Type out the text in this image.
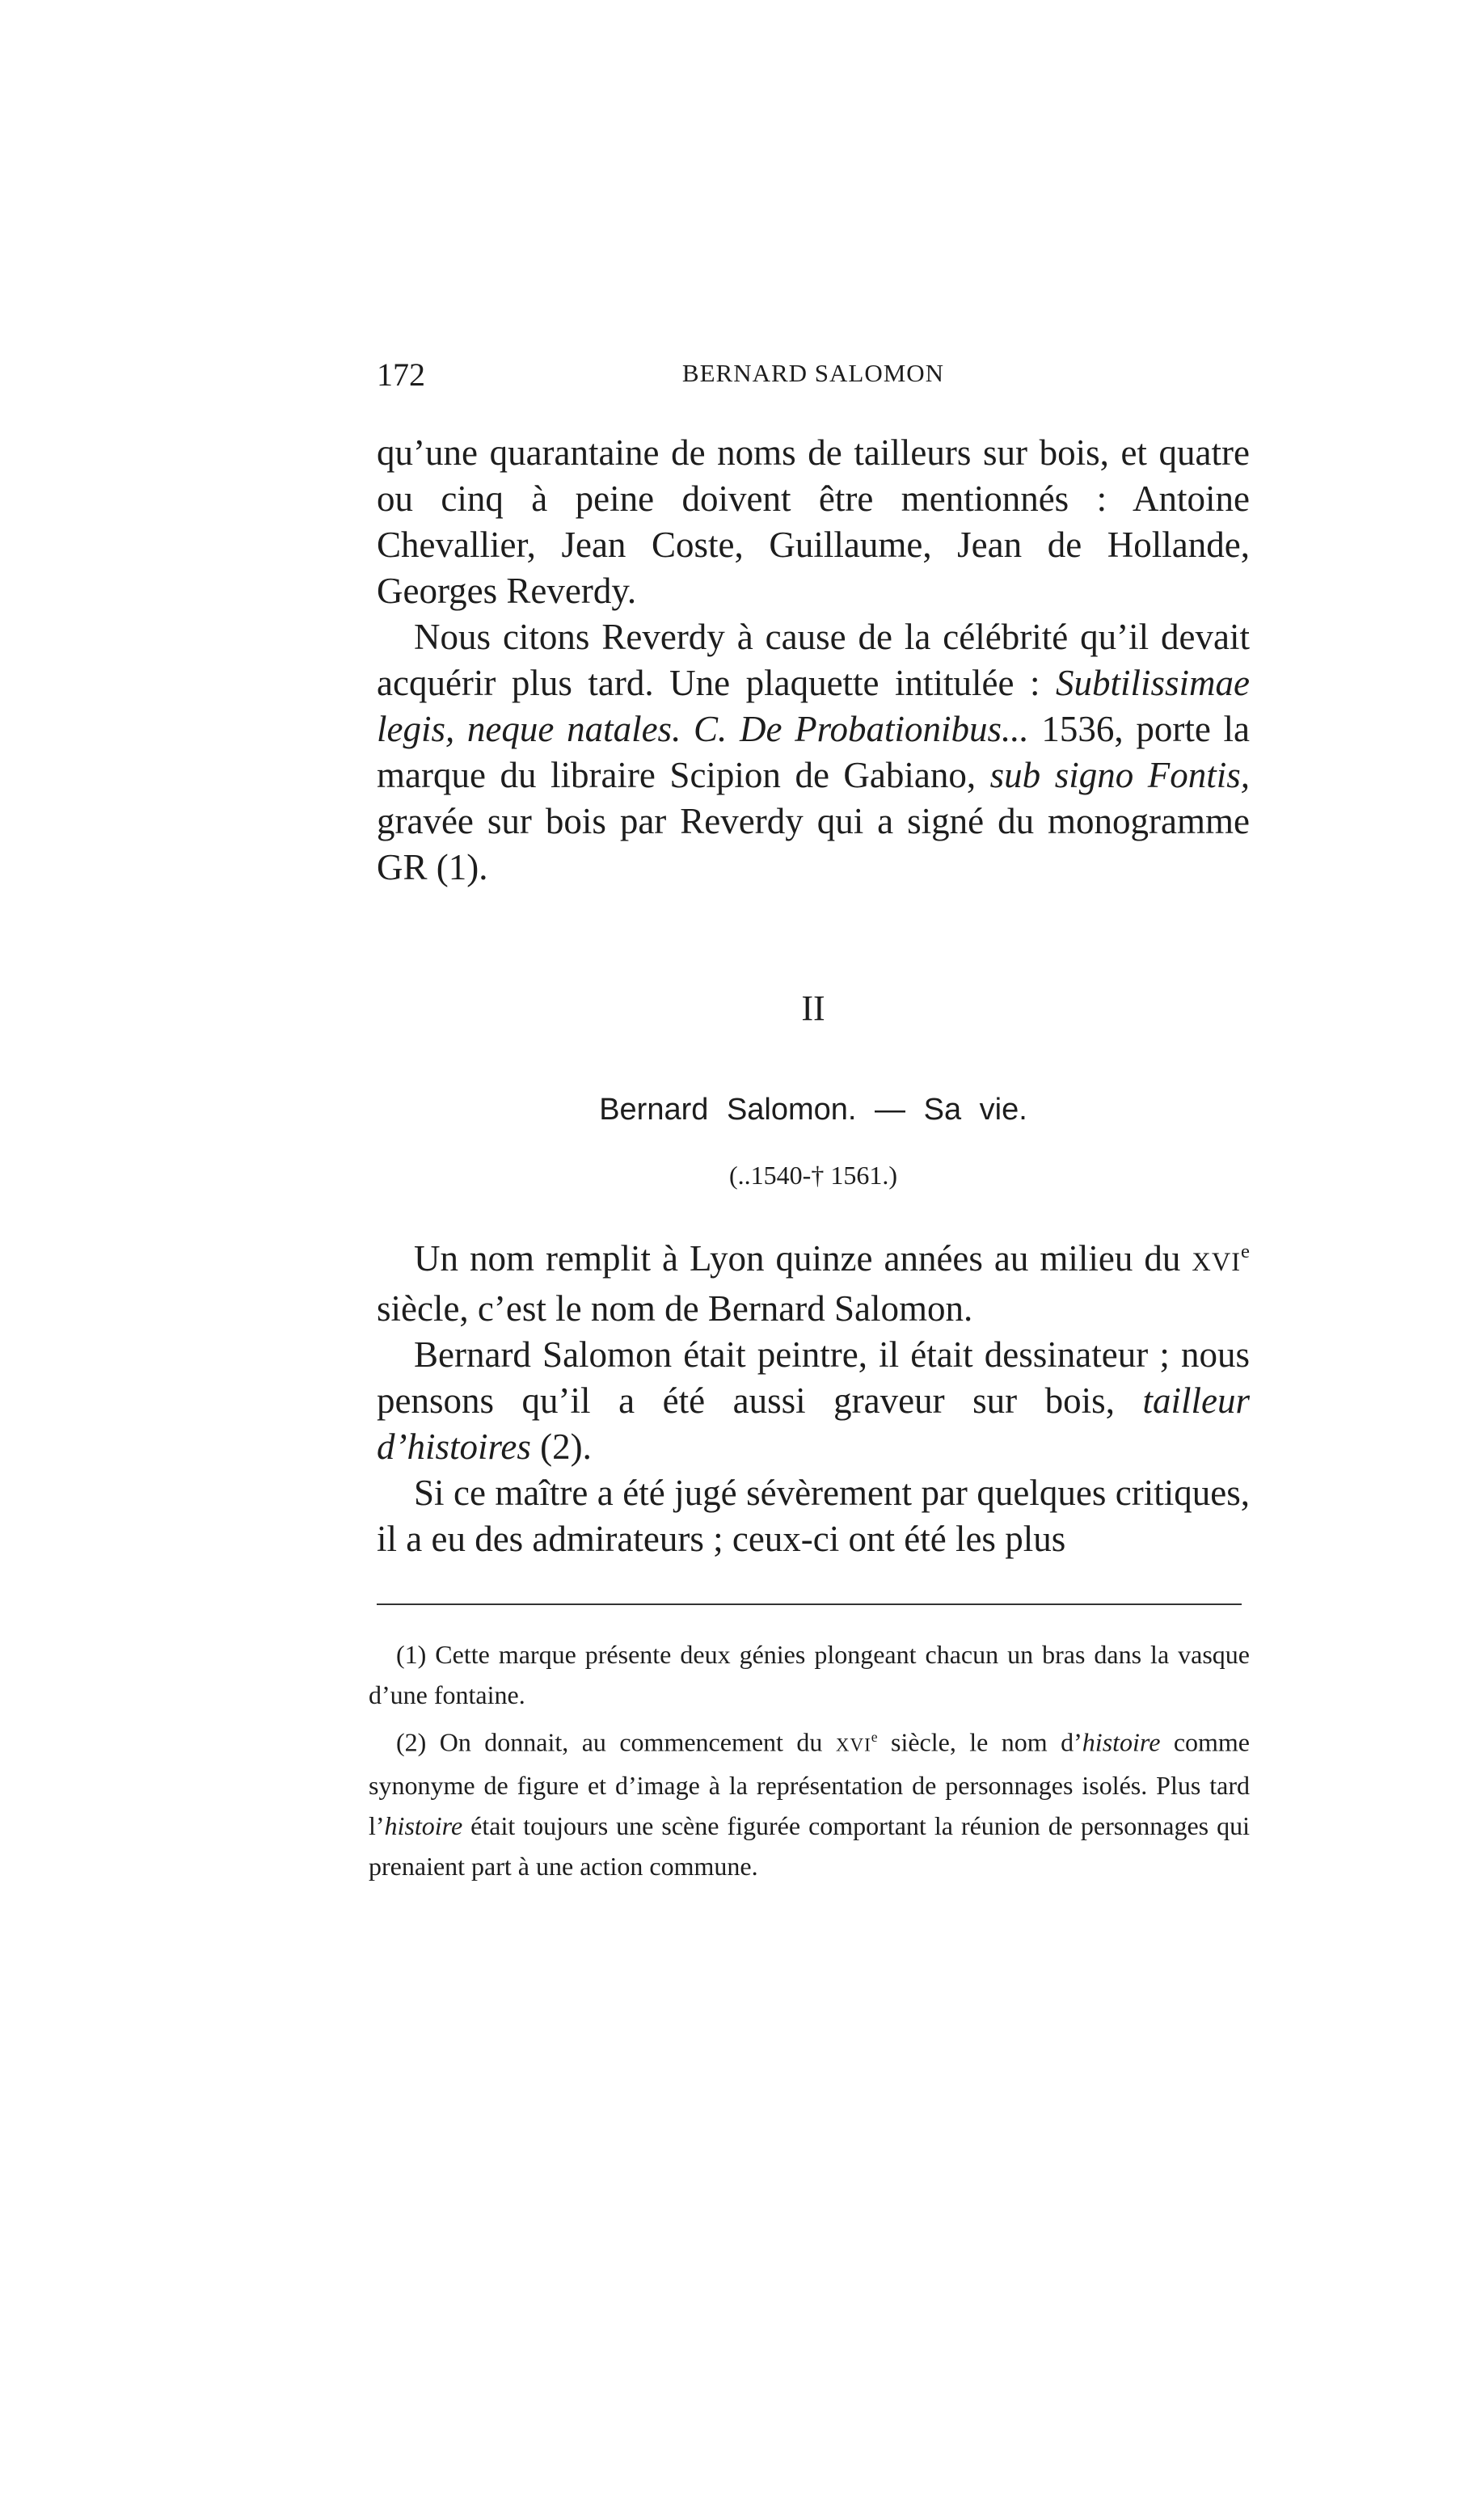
172	BERNARD SALOMON

qu’une quarantaine de noms de tailleurs sur bois, et quatre ou cinq à peine doivent être mentionnés : Antoine Chevallier, Jean Coste, Guillaume, Jean de Hollande, Georges Reverdy.

Nous citons Reverdy à cause de la célébrité qu’il devait acquérir plus tard. Une plaquette intitulée : Subtilissimae legis, neque natales. C. De Probationibus... 1536, porte la marque du libraire Scipion de Gabiano, sub signo Fontis, gravée sur bois par Reverdy qui a signé du monogramme GR (1).

II
Bernard Salomon. — Sa vie.
(..1540-† 1561.)

Un nom remplit à Lyon quinze années au milieu du XVIe siècle, c’est le nom de Bernard Salomon.

Bernard Salomon était peintre, il était dessinateur ; nous pensons qu’il a été aussi graveur sur bois, tailleur d’histoires (2).

Si ce maître a été jugé sévèrement par quelques critiques, il a eu des admirateurs ; ceux-ci ont été les plus

(1) Cette marque présente deux génies plongeant chacun un bras dans la vasque d’une fontaine.

(2) On donnait, au commencement du XVIe siècle, le nom d’histoire comme synonyme de figure et d’image à la représentation de personnages isolés. Plus tard l’histoire était toujours une scène figurée comportant la réunion de personnages qui prenaient part à une action commune.
